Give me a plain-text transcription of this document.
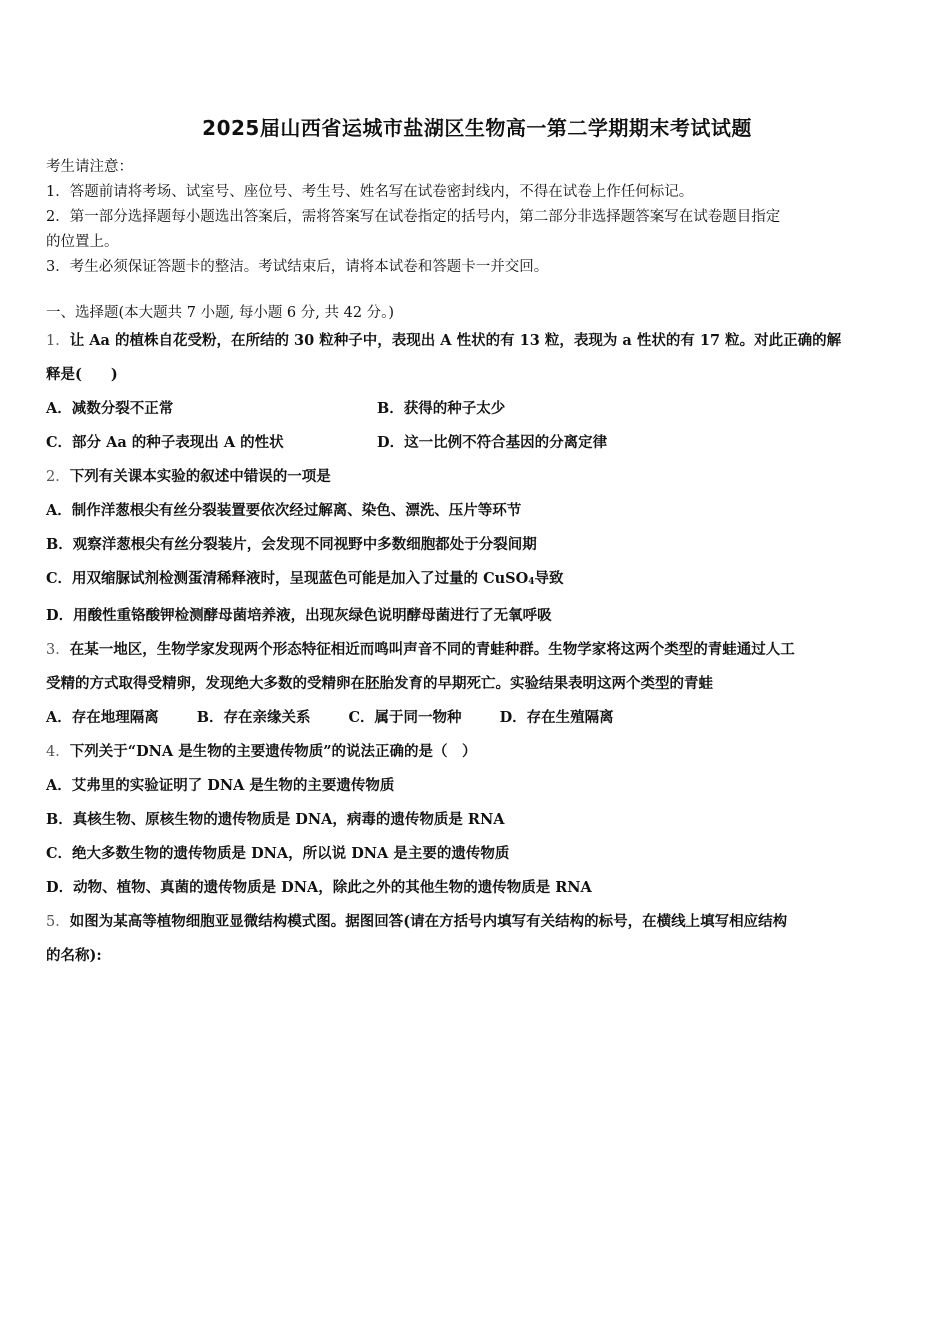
2025届山西省运城市盐湖区生物高一第二学期期末考试试题
考生请注意：
1．答题前请将考场、试室号、座位号、考生号、姓名写在试卷密封线内，不得在试卷上作任何标记。
2．第一部分选择题每小题选出答案后，需将答案写在试卷指定的括号内，第二部分非选择题答案写在试卷题目指定
的位置上。
3．考生必须保证答题卡的整洁。考试结束后，请将本试卷和答题卡一并交回。
一、选择题(本大题共 7 小题, 每小题 6 分, 共 42 分。)
1．让 Aa 的植株自花受粉，在所结的 30 粒种子中，表现出 A 性状的有 13 粒，表现为 a 性状的有 17 粒。对此正确的解
释是(　　)
A．减数分裂不正常	B．获得的种子太少
C．部分 Aa 的种子表现出 A 的性状	D．这一比例不符合基因的分离定律
2．下列有关课本实验的叙述中错误的一项是
A．制作洋葱根尖有丝分裂装置要依次经过解离、染色、漂洗、压片等环节
B．观察洋葱根尖有丝分裂装片，会发现不同视野中多数细胞都处于分裂间期
C．用双缩脲试剂检测蛋清稀释液时，呈现蓝色可能是加入了过量的 CuSO$_4$导致
D．用酸性重铬酸钾检测酵母菌培养液，出现灰绿色说明酵母菌进行了无氧呼吸
3．在某一地区，生物学家发现两个形态特征相近而鸣叫声音不同的青蛙种群。生物学家将这两个类型的青蛙通过人工
受精的方式取得受精卵，发现绝大多数的受精卵在胚胎发育的早期死亡。实验结果表明这两个类型的青蛙
A．存在地理隔离	B．存在亲缘关系	C．属于同一物种	D．存在生殖隔离
4．下列关于“DNA 是生物的主要遗传物质”的说法正确的是（　）
A．艾弗里的实验证明了 DNA 是生物的主要遗传物质
B．真核生物、原核生物的遗传物质是 DNA，病毒的遗传物质是 RNA
C．绝大多数生物的遗传物质是 DNA，所以说 DNA 是主要的遗传物质
D．动物、植物、真菌的遗传物质是 DNA，除此之外的其他生物的遗传物质是 RNA
5．如图为某高等植物细胞亚显微结构模式图。据图回答(请在方括号内填写有关结构的标号，在横线上填写相应结构
的名称):
